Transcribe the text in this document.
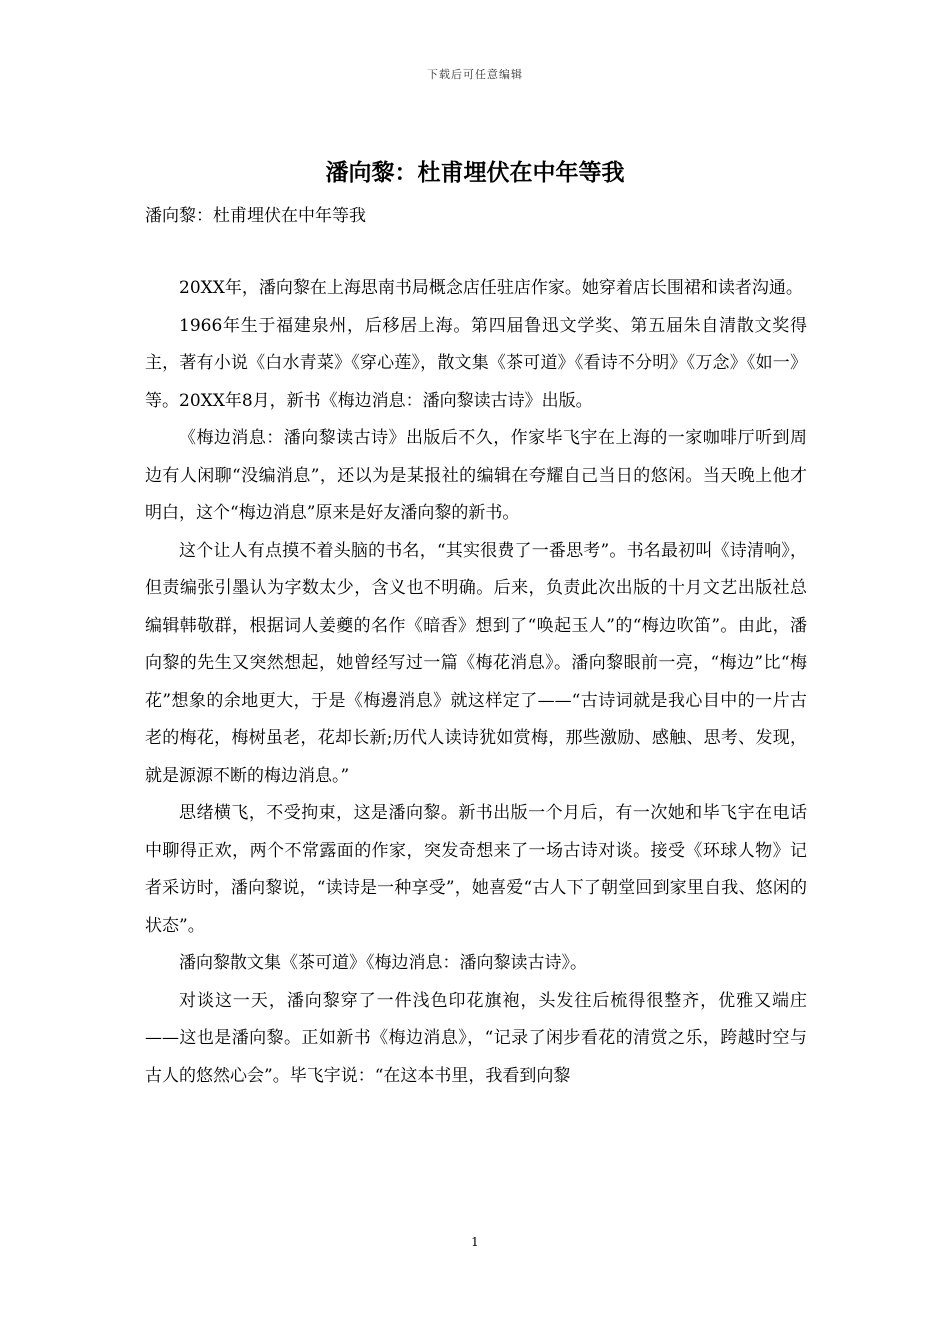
下载后可任意编辑
潘向黎：杜甫埋伏在中年等我
潘向黎：杜甫埋伏在中年等我

20XX年，潘向黎在上海思南书局概念店任驻店作家。她穿着店长围裙和读者沟通。

1966年生于福建泉州，后移居上海。第四届鲁迅文学奖、第五届朱自清散文奖得主，著有小说《白水青菜》《穿心莲》，散文集《茶可道》《看诗不分明》《万念》《如一》等。20XX年8月，新书《梅边消息：潘向黎读古诗》出版。

《梅边消息：潘向黎读古诗》出版后不久，作家毕飞宇在上海的一家咖啡厅听到周边有人闲聊“没编消息”，还以为是某报社的编辑在夸耀自己当日的悠闲。当天晚上他才明白，这个“梅边消息”原来是好友潘向黎的新书。

这个让人有点摸不着头脑的书名，“其实很费了一番思考”。书名最初叫《诗清响》，但责编张引墨认为字数太少，含义也不明确。后来，负责此次出版的十月文艺出版社总编辑韩敬群，根据词人姜夔的名作《暗香》想到了“唤起玉人”的“梅边吹笛”。由此，潘向黎的先生又突然想起，她曾经写过一篇《梅花消息》。潘向黎眼前一亮，“梅边”比“梅花”想象的余地更大，于是《梅邊消息》就这样定了——“古诗词就是我心目中的一片古老的梅花，梅树虽老，花却长新;历代人读诗犹如赏梅，那些激励、感触、思考、发现，就是源源不断的梅边消息。”

思绪横飞，不受拘束，这是潘向黎。新书出版一个月后，有一次她和毕飞宇在电话中聊得正欢，两个不常露面的作家，突发奇想来了一场古诗对谈。接受《环球人物》记者采访时，潘向黎说，“读诗是一种享受”，她喜爱“古人下了朝堂回到家里自我、悠闲的状态”。

潘向黎散文集《茶可道》《梅边消息：潘向黎读古诗》。

对谈这一天，潘向黎穿了一件浅色印花旗袍，头发往后梳得很整齐，优雅又端庄——这也是潘向黎。正如新书《梅边消息》，“记录了闲步看花的清赏之乐，跨越时空与古人的悠然心会”。毕飞宇说：“在这本书里，我看到向黎

1
